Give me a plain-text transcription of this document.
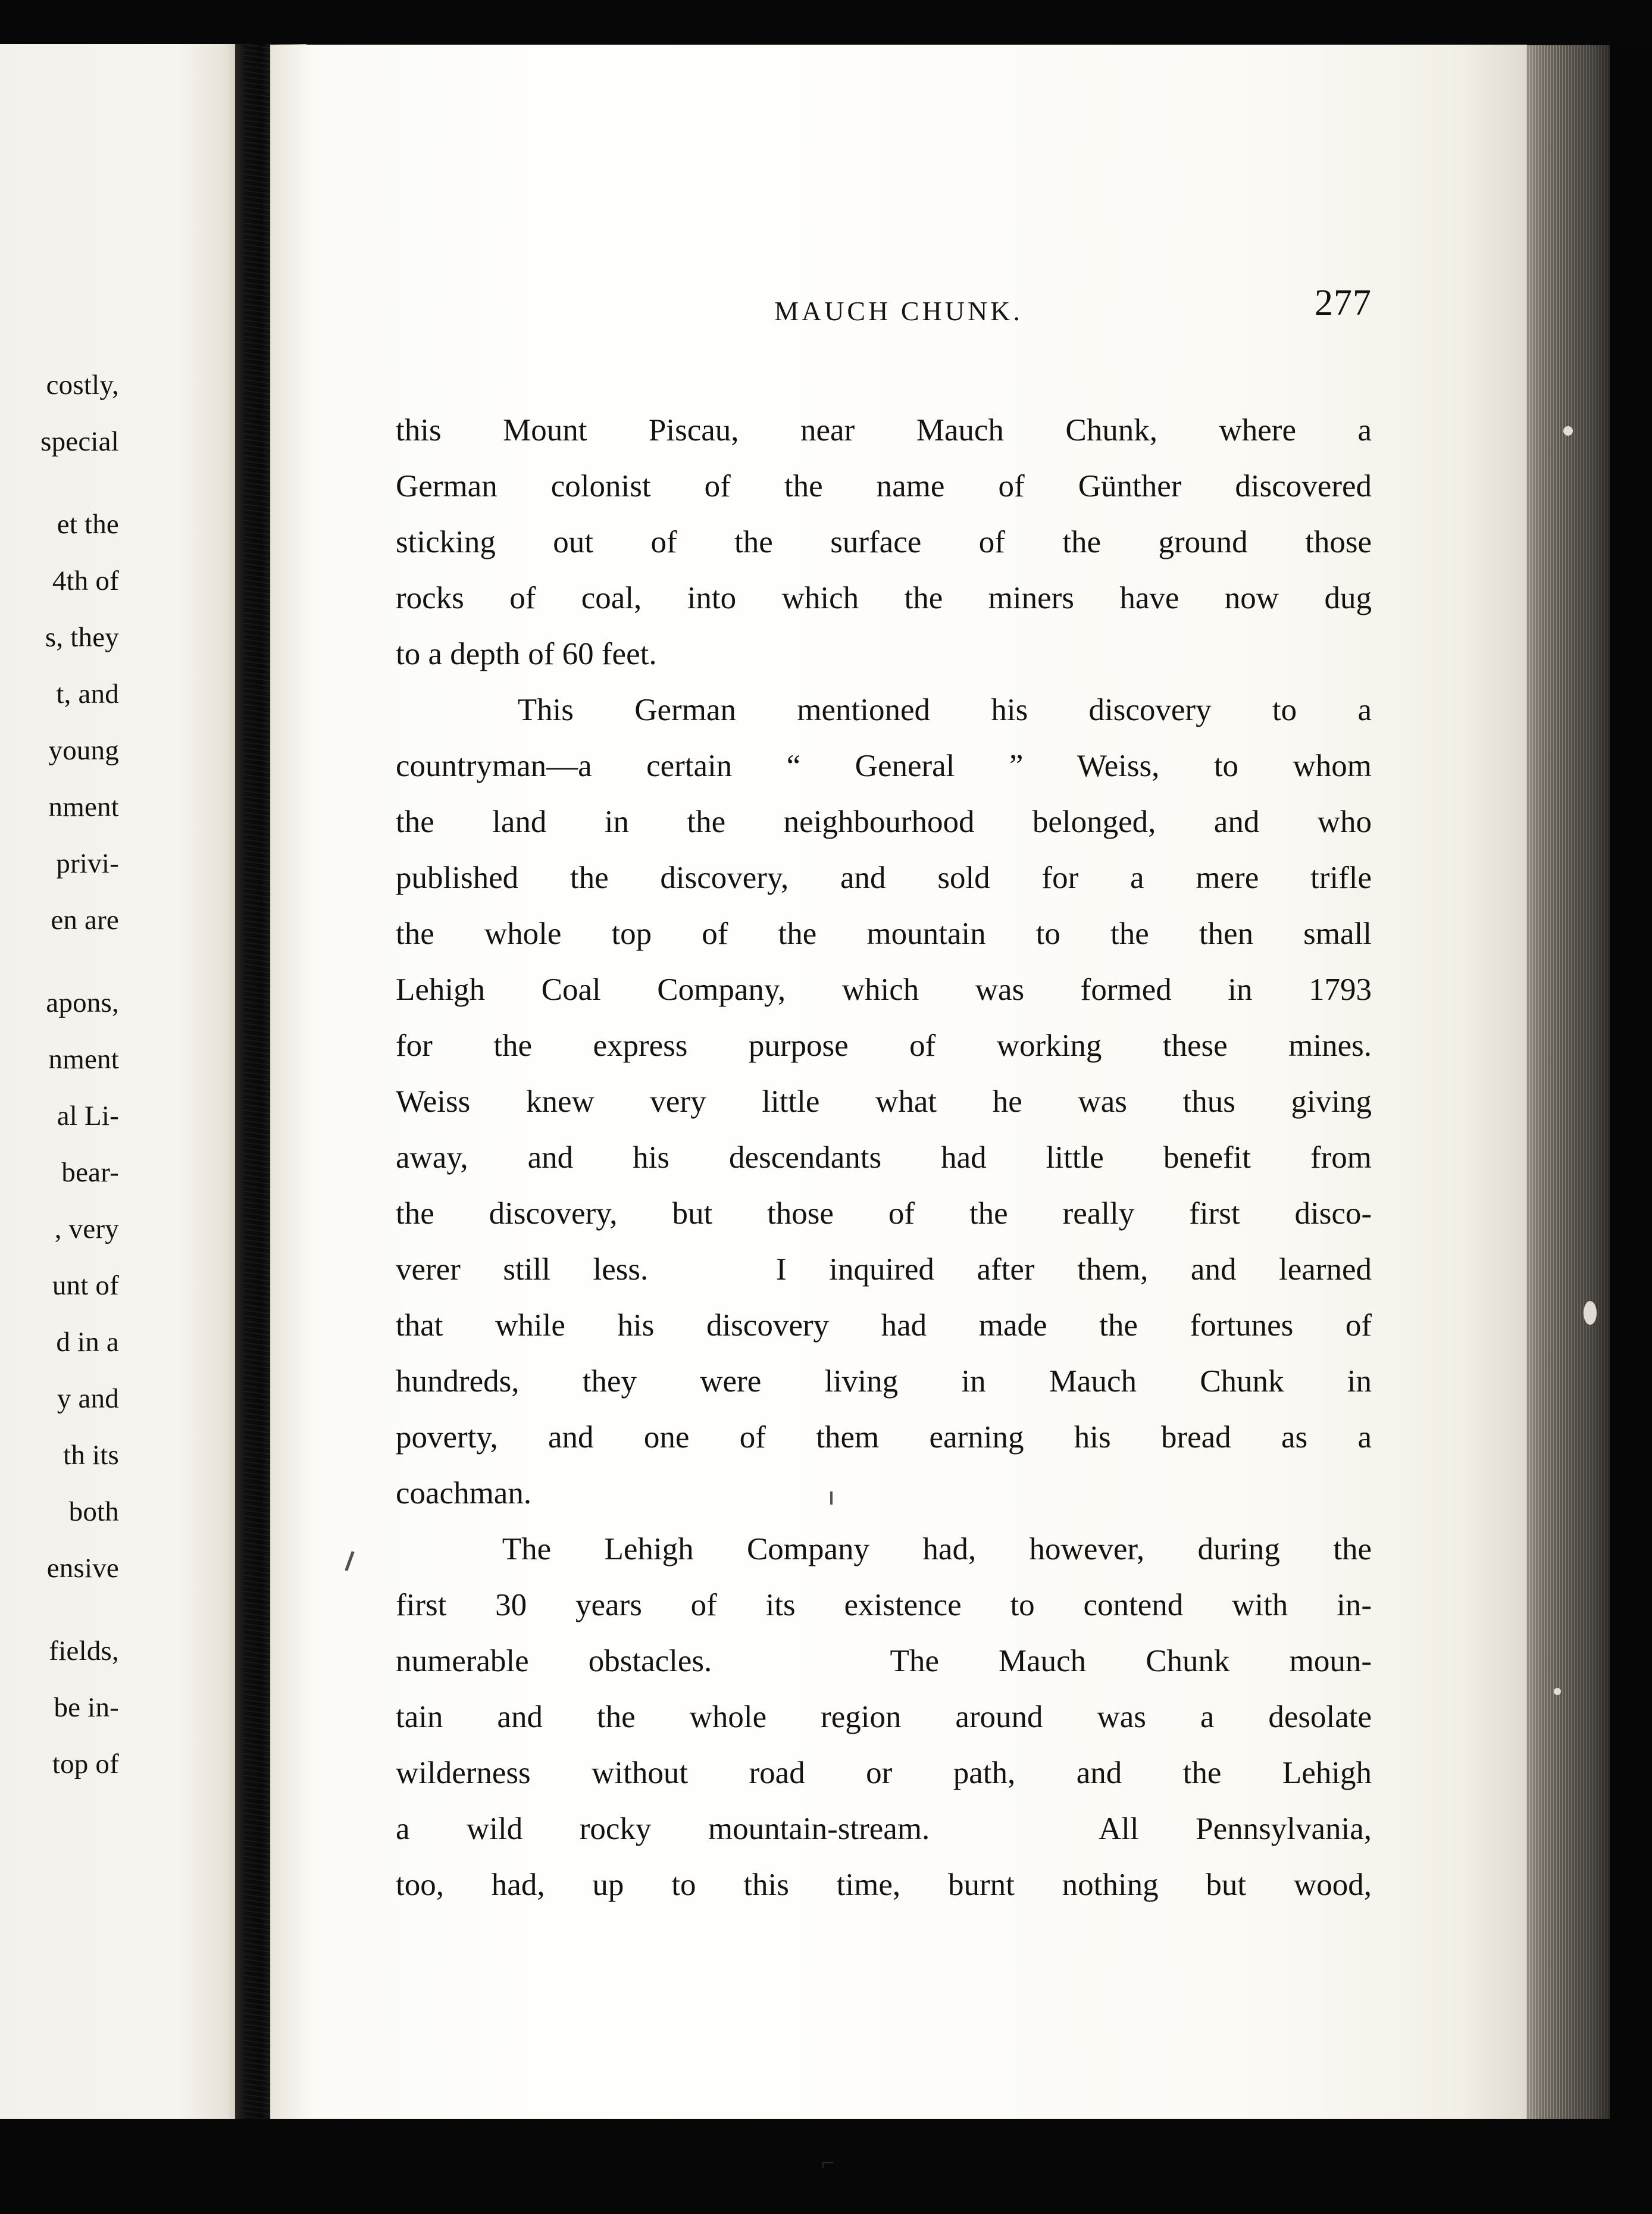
costly,
special

et the
4th of
s, they
t, and
young
nment
privi-
en are

apons,
nment
al Li-
bear-
, very
unt of
d in a
y and
th its
both
ensive

fields,
be in-
top of

MAUCH CHUNK.	277

this Mount Piscau, near Mauch Chunk, where a
German colonist of the name of Günther discovered
sticking out of the surface of the ground those
rocks of coal, into which the miners have now dug
to a depth of 60 feet.

This German mentioned his discovery to a
countryman—a certain “ General ” Weiss, to whom
the land in the neighbourhood belonged, and who
published the discovery, and sold for a mere trifle
the whole top of the mountain to the then small
Lehigh Coal Company, which was formed in 1793
for the express purpose of working these mines.
Weiss knew very little what he was thus giving
away, and his descendants had little benefit from
the discovery, but those of the really first disco-
verer still less.   I inquired after them, and learned
that while his discovery had made the fortunes of
hundreds, they were living in Mauch Chunk in
poverty, and one of them earning his bread as a
coachman.

The Lehigh Company had, however, during the
first 30 years of its existence to contend with in-
numerable obstacles.   The Mauch Chunk moun-
tain and the whole region around was a desolate
wilderness without road or path, and the Lehigh
a wild rocky mountain-stream.   All Pennsylvania,
too, had, up to this time, burnt nothing but wood,

⌐
